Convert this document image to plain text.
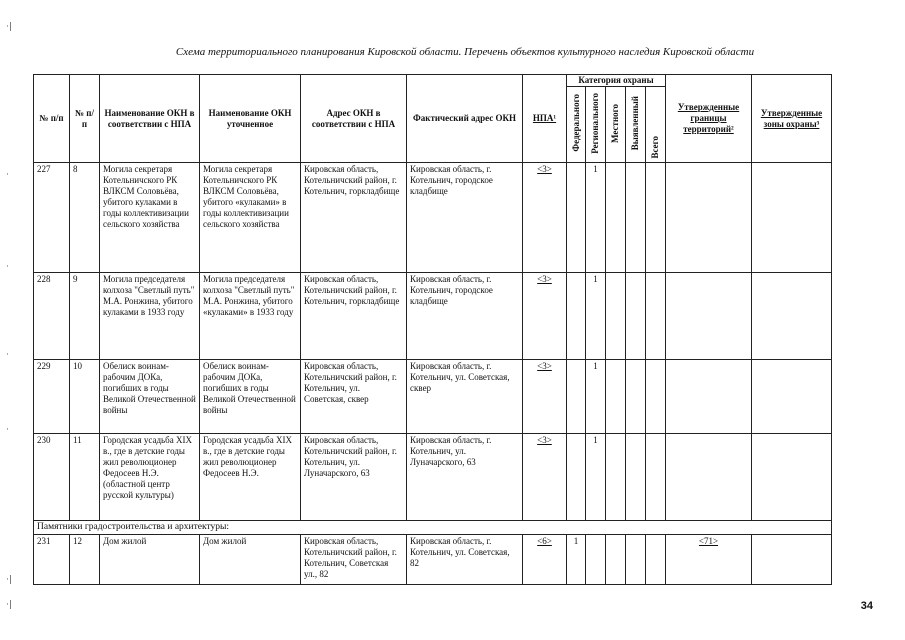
Схема территориального планирования Кировской области. Перечень объектов культурного наследия Кировской области
·|
·
·
·
·
·|
·|
№ п/п	№ п/п	Наименование ОКН в соответствии с НПА	Наименование ОКН уточненное	Адрес ОКН в соответствии с НПА	Фактический адрес ОКН	НПА¹	Категория охраны					Утвержденные границы территорий²	Утвержденные зоны охраны³
							Федерального	Регионального	Местного	Выявленный	Всего		
227	8	Могила секретаря Котельничского РК ВЛКСМ Соловьёва, убитого кулаками в годы коллективизации сельского хозяйства	Могила секретаря Котельничского РК ВЛКСМ Соловьёва, убитого «кулаками» в годы коллективизации сельского хозяйства	Кировская область, Котельничский район, г. Котельнич, горкладбище	Кировская область, г. Котельнич, городское кладбище	<3>		1					
228	9	Могила председателя колхоза "Светлый путь" М.А. Ронжина, убитого кулаками в 1933 году	Могила председателя колхоза "Светлый путь" М.А. Ронжина, убитого «кулаками» в 1933 году	Кировская область, Котельничский район, г. Котельнич, горкладбище	Кировская область, г. Котельнич, городское кладбище	<3>		1					
229	10	Обелиск воинам-рабочим ДОКа, погибших в годы Великой Отечественной войны	Обелиск воинам-рабочим ДОКа, погибших в годы Великой Отечественной войны	Кировская область, Котельничский район, г. Котельнич, ул. Советская, сквер	Кировская область, г. Котельнич, ул. Советская, сквер	<3>		1					
230	11	Городская усадьба XIX в., где в детские годы жил революционер Федосеев Н.Э. (областной центр русской культуры)	Городская усадьба XIX в., где в детские годы жил революционер Федосеев Н.Э.	Кировская область, Котельничский район, г. Котельнич, ул. Луначарского, 63	Кировская область, г. Котельнич, ул. Луначарского, 63	<3>		1					
Памятники градостроительства и архитектуры:													
231	12	Дом жилой	Дом жилой	Кировская область, Котельничский район, г. Котельнич, Советская ул., 82	Кировская область, г. Котельнич, ул. Советская, 82	<6>	1					<71>	
34
